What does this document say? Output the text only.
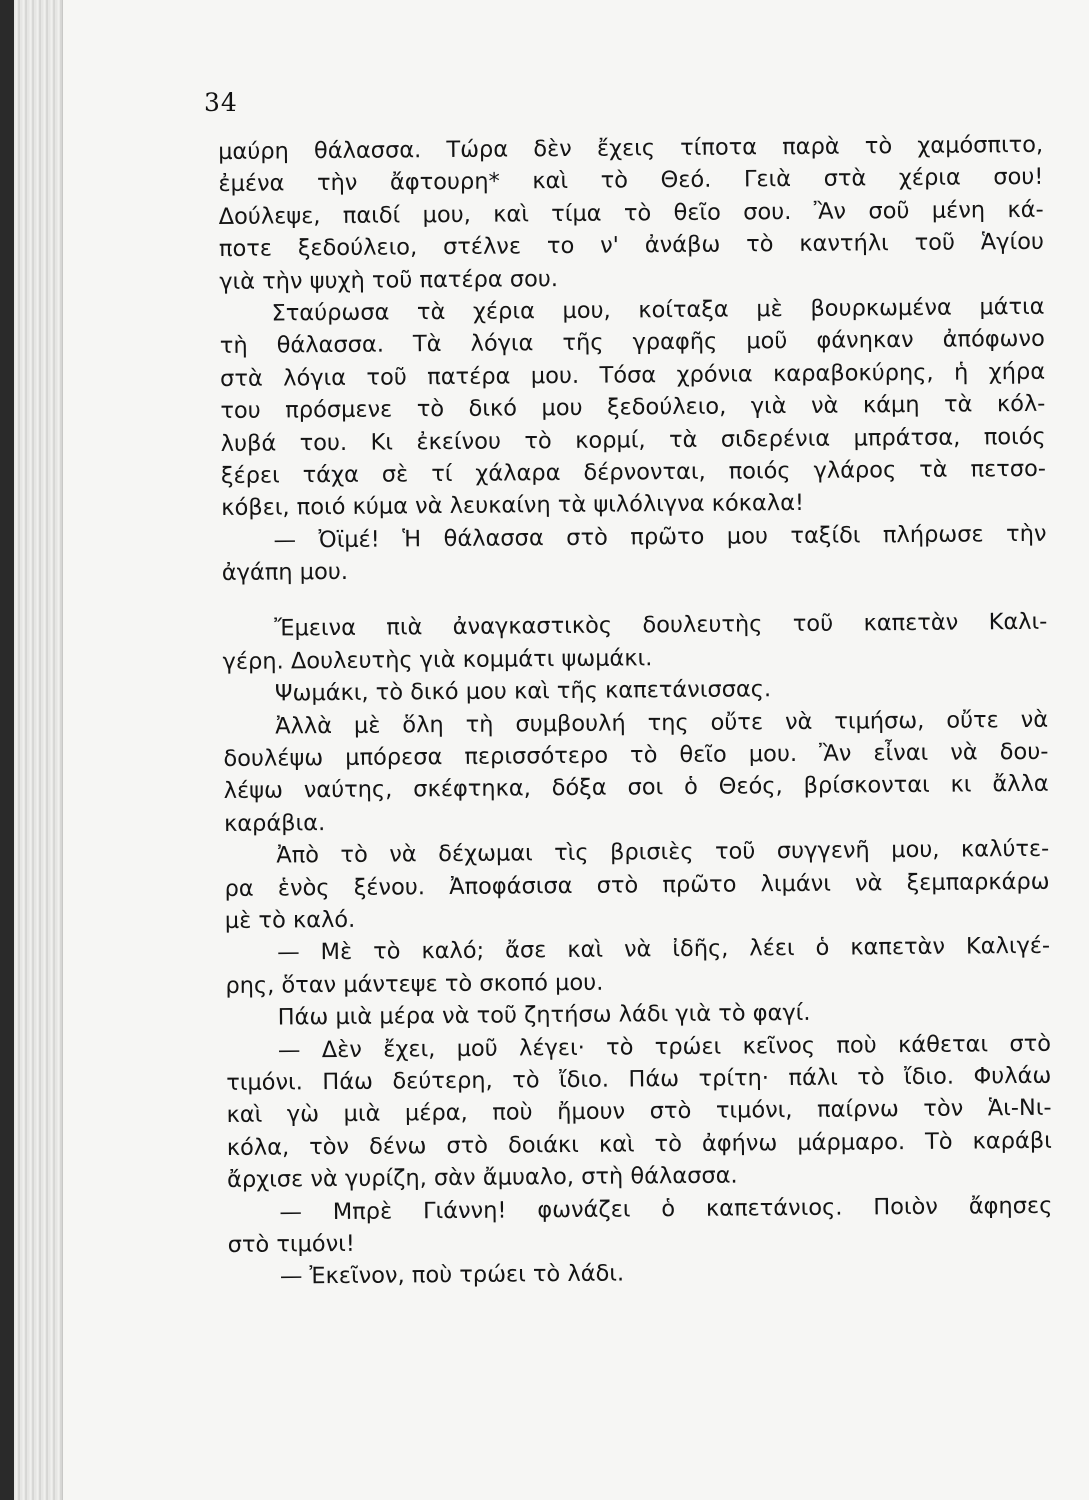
34
μαύρη θάλασσα. Τώρα δὲν ἔχεις τίποτα παρὰ τὸ χαμόσπιτο,
ἐμένα τὴν ἄφτουρη* καὶ τὸ Θεό. Γειὰ στὰ χέρια σου!
Δούλεψε, παιδί μου, καὶ τίμα τὸ θεῖο σου. Ἂν σοῦ μένη κά-
ποτε ξεδούλειο, στέλνε το ν' ἀνάβω τὸ καντήλι τοῦ Ἁγίου
γιὰ τὴν ψυχὴ τοῦ πατέρα σου.
Σταύρωσα τὰ χέρια μου, κοίταξα μὲ βουρκωμένα μάτια
τὴ θάλασσα. Τὰ λόγια τῆς γραφῆς μοῦ φάνηκαν ἀπόφωνο
στὰ λόγια τοῦ πατέρα μου. Τόσα χρόνια καραβοκύρης, ἡ χήρα
του πρόσμενε τὸ δικό μου ξεδούλειο, γιὰ νὰ κάμη τὰ κόλ-
λυβά του. Κι ἐκείνου τὸ κορμί, τὰ σιδερένια μπράτσα, ποιός
ξέρει τάχα σὲ τί χάλαρα δέρνονται, ποιός γλάρος τὰ πετσο-
κόβει, ποιό κύμα νὰ λευκαίνη τὰ ψιλόλιγνα κόκαλα!
— Ὀϊμέ! Ἡ θάλασσα στὸ πρῶτο μου ταξίδι πλήρωσε τὴν
ἀγάπη μου.
Ἔμεινα πιὰ ἀναγκαστικὸς δουλευτὴς τοῦ καπετὰν Καλι-
γέρη. Δουλευτὴς γιὰ κομμάτι ψωμάκι.
Ψωμάκι, τὸ δικό μου καὶ τῆς καπετάνισσας.
Ἀλλὰ μὲ ὅλη τὴ συμβουλή της οὔτε νὰ τιμήσω, οὔτε νὰ
δουλέψω μπόρεσα περισσότερο τὸ θεῖο μου. Ἂν εἶναι νὰ δου-
λέψω ναύτης, σκέφτηκα, δόξα σοι ὁ Θεός, βρίσκονται κι ἄλλα
καράβια.
Ἀπὸ τὸ νὰ δέχωμαι τὶς βρισιὲς τοῦ συγγενῆ μου, καλύτε-
ρα ἑνὸς ξένου. Ἀποφάσισα στὸ πρῶτο λιμάνι νὰ ξεμπαρκάρω
μὲ τὸ καλό.
— Μὲ τὸ καλό; ἄσε καὶ νὰ ἰδῆς, λέει ὁ καπετὰν Καλιγέ-
ρης, ὅταν μάντεψε τὸ σκοπό μου.
Πάω μιὰ μέρα νὰ τοῦ ζητήσω λάδι γιὰ τὸ φαγί.
— Δὲν ἔχει, μοῦ λέγει· τὸ τρώει κεῖνος ποὺ κάθεται στὸ
τιμόνι. Πάω δεύτερη, τὸ ἴδιο. Πάω τρίτη· πάλι τὸ ἴδιο. Φυλάω
καὶ γὼ μιὰ μέρα, ποὺ ἤμουν στὸ τιμόνι, παίρνω τὸν Ἁι-Νι-
κόλα, τὸν δένω στὸ δοιάκι καὶ τὸ ἀφήνω μάρμαρο. Τὸ καράβι
ἄρχισε νὰ γυρίζη, σὰν ἄμυαλο, στὴ θάλασσα.
— Μπρὲ Γιάννη! φωνάζει ὁ καπετάνιος. Ποιὸν ἄφησες
στὸ τιμόνι!
— Ἐκεῖνον, ποὺ τρώει τὸ λάδι.
